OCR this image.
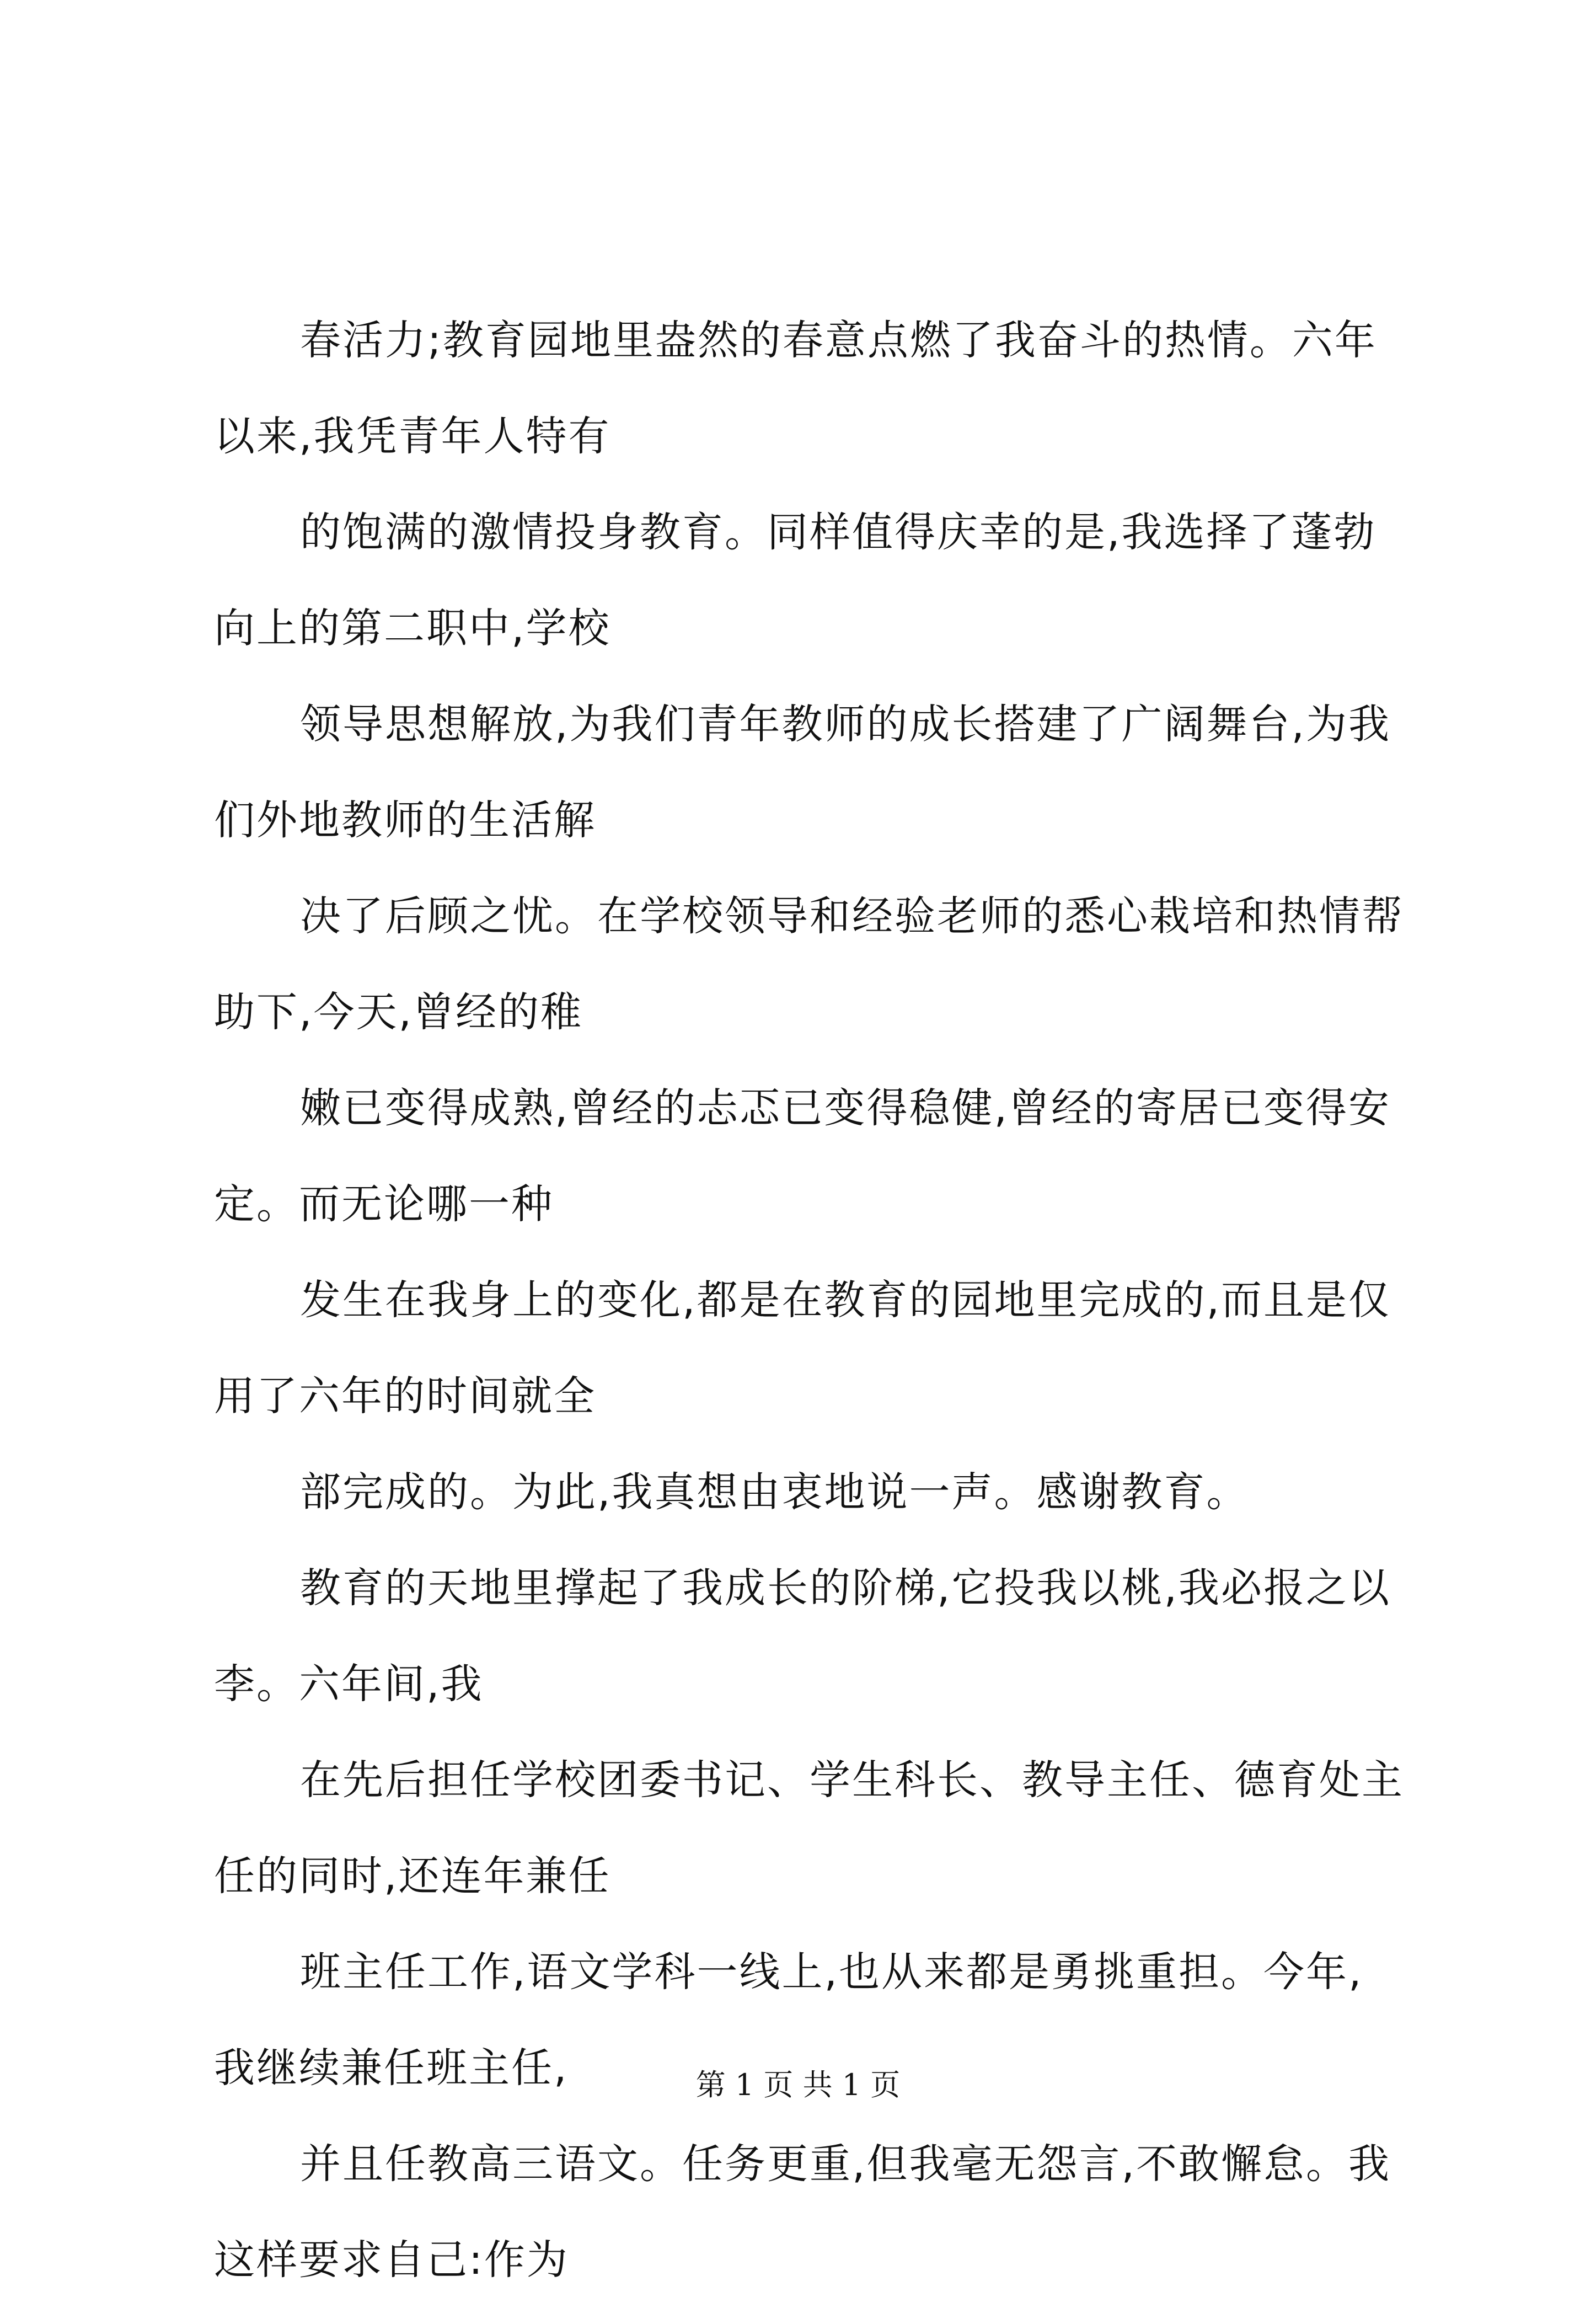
春活力;教育园地里盎然的春意点燃了我奋斗的热情。六年以来,我凭青年人特有

的饱满的激情投身教育。同样值得庆幸的是,我选择了蓬勃向上的第二职中,学校

领导思想解放,为我们青年教师的成长搭建了广阔舞台,为我们外地教师的生活解

决了后顾之忧。在学校领导和经验老师的悉心栽培和热情帮助下,今天,曾经的稚

嫩已变得成熟,曾经的忐忑已变得稳健,曾经的寄居已变得安定。而无论哪一种

发生在我身上的变化,都是在教育的园地里完成的,而且是仅用了六年的时间就全

部完成的。为此,我真想由衷地说一声。感谢教育。

教育的天地里撑起了我成长的阶梯,它投我以桃,我必报之以李。六年间,我

在先后担任学校团委书记、学生科长、教导主任、德育处主任的同时,还连年兼任

班主任工作,语文学科一线上,也从来都是勇挑重担。今年,我继续兼任班主任,

并且任教高三语文。任务更重,但我毫无怨言,不敢懈怠。我这样要求自己:作为

第 1 页 共 1 页
